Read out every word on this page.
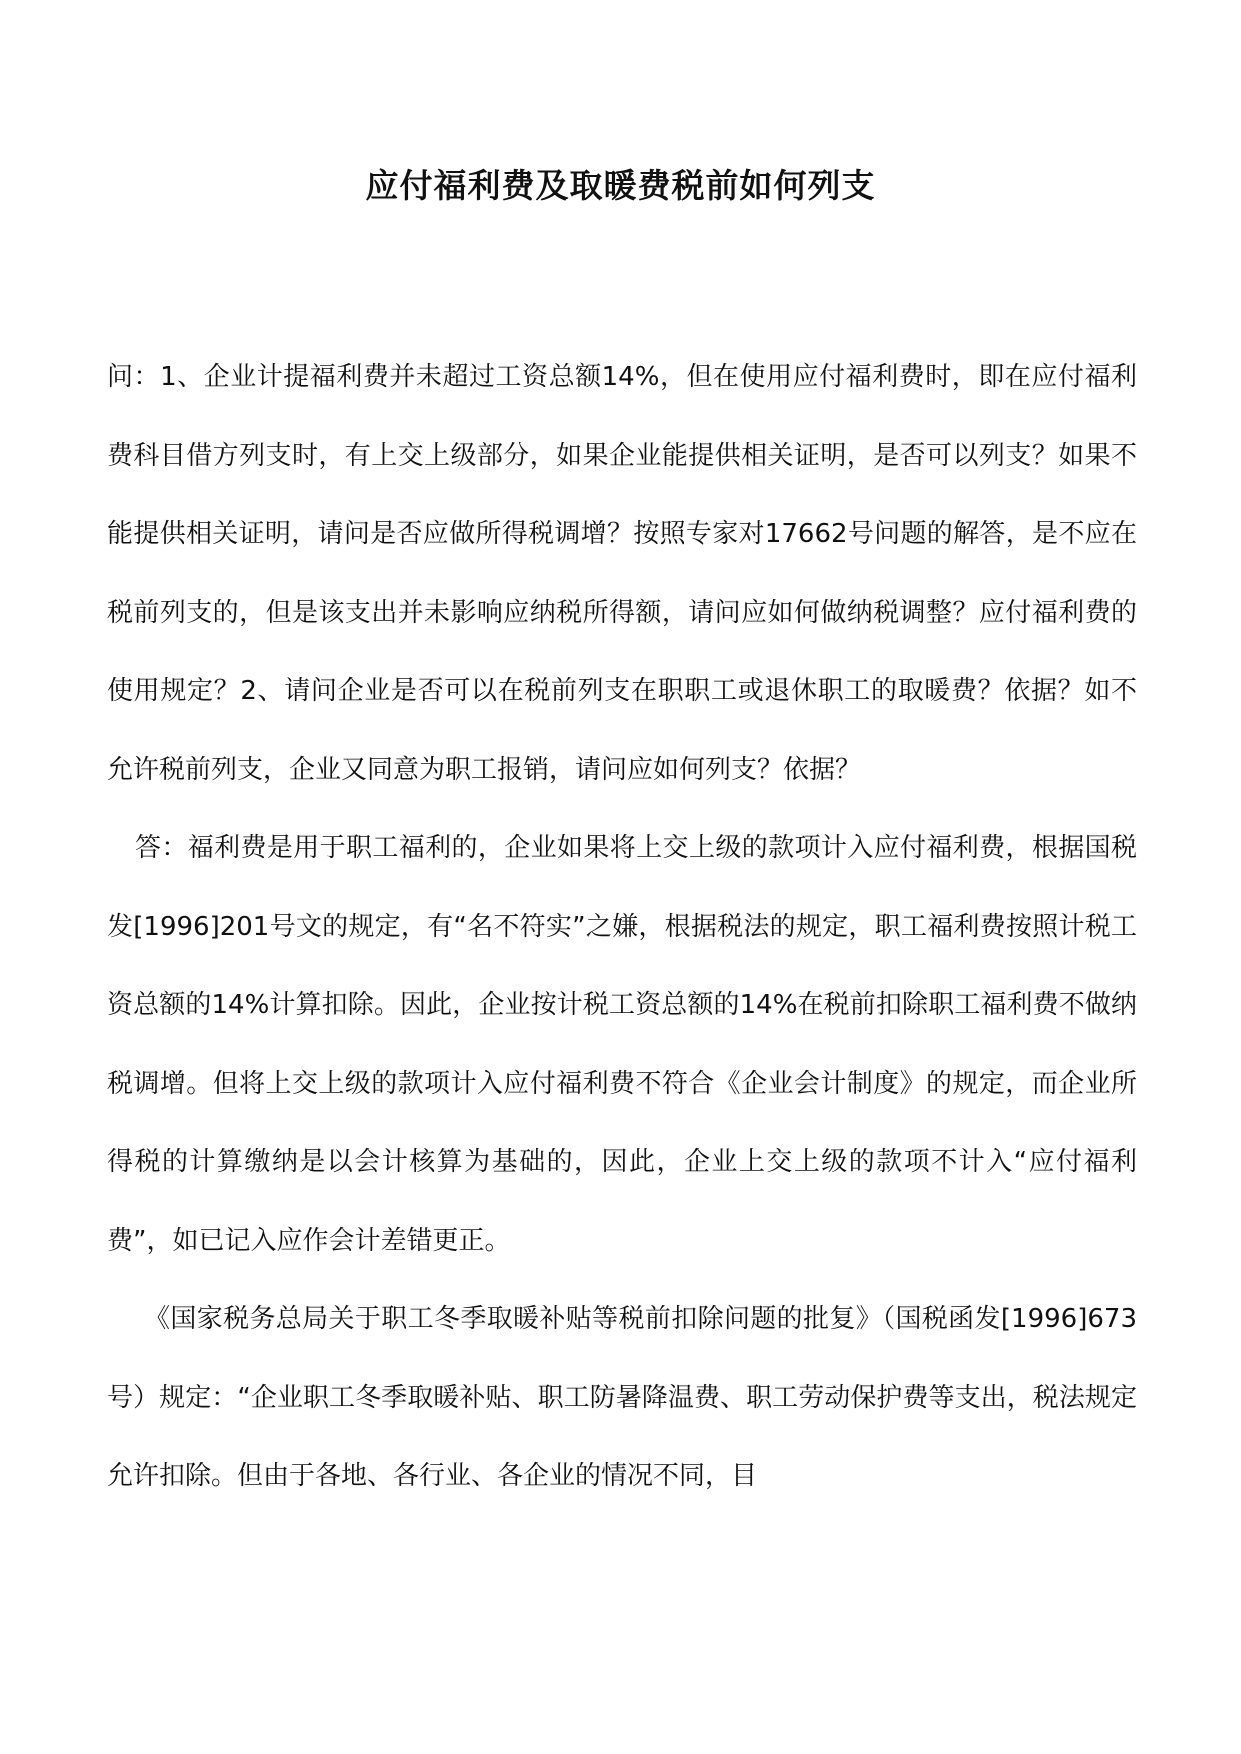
应付福利费及取暖费税前如何列支

问：1、企业计提福利费并未超过工资总额14%，但在使用应付福利费时，即在应付福利费科目借方列支时，有上交上级部分，如果企业能提供相关证明，是否可以列支？如果不能提供相关证明，请问是否应做所得税调增？按照专家对17662号问题的解答，是不应在税前列支的，但是该支出并未影响应纳税所得额，请问应如何做纳税调整？应付福利费的使用规定？2、请问企业是否可以在税前列支在职职工或退休职工的取暖费？依据？如不允许税前列支，企业又同意为职工报销，请问应如何列支？依据？

答：福利费是用于职工福利的，企业如果将上交上级的款项计入应付福利费，根据国税发[1996]201号文的规定，有“名不符实”之嫌，根据税法的规定，职工福利费按照计税工资总额的14%计算扣除。因此，企业按计税工资总额的14%在税前扣除职工福利费不做纳税调增。但将上交上级的款项计入应付福利费不符合《企业会计制度》的规定，而企业所得税的计算缴纳是以会计核算为基础的，因此，企业上交上级的款项不计入“应付福利费”，如已记入应作会计差错更正。

《国家税务总局关于职工冬季取暖补贴等税前扣除问题的批复》（国税函发[1996]673号）规定：“企业职工冬季取暖补贴、职工防暑降温费、职工劳动保护费等支出，税法规定允许扣除。但由于各地、各行业、各企业的情况不同，目
